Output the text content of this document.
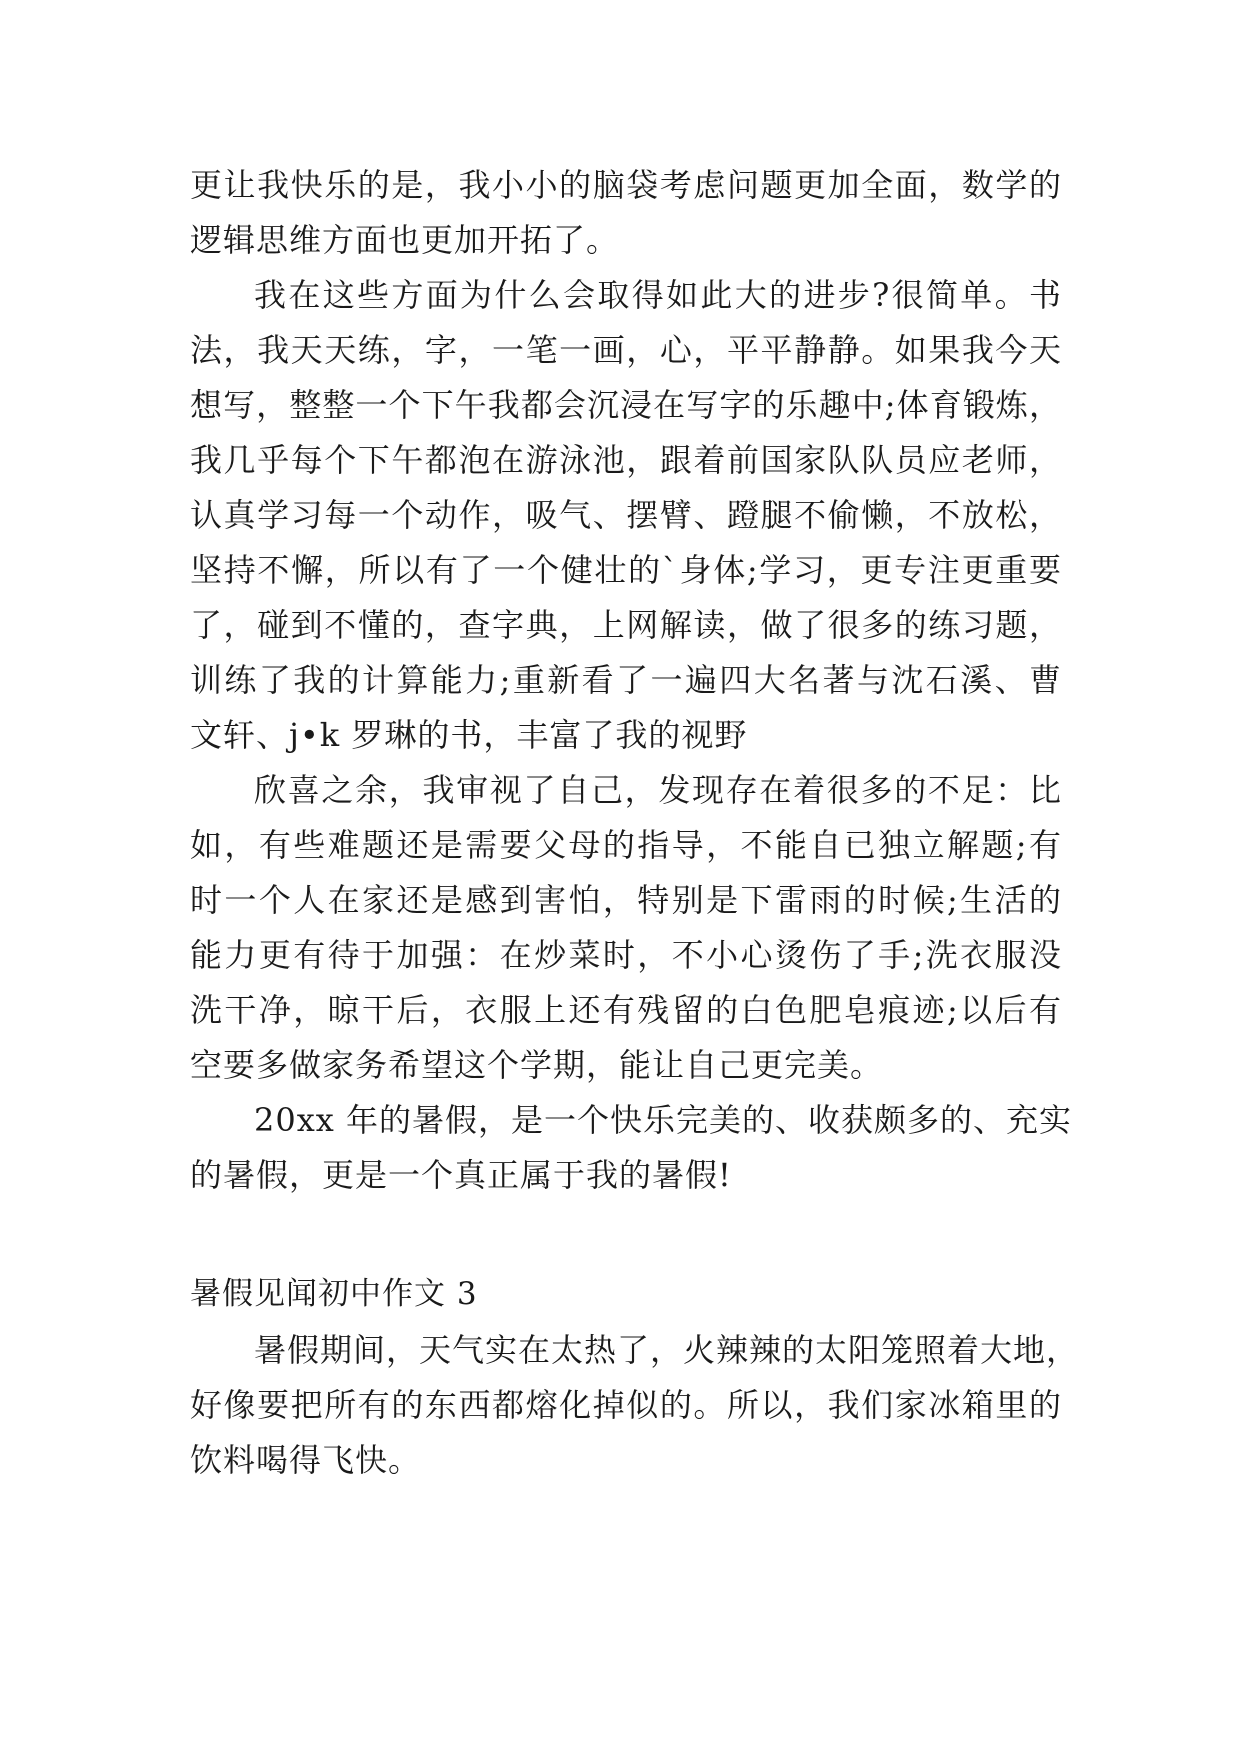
更让我快乐的是，我小小的脑袋考虑问题更加全面，数学的
逻辑思维方面也更加开拓了。
我在这些方面为什么会取得如此大的进步?很简单。书
法，我天天练，字，一笔一画，心，平平静静。如果我今天
想写，整整一个下午我都会沉浸在写字的乐趣中;体育锻炼，
我几乎每个下午都泡在游泳池，跟着前国家队队员应老师，
认真学习每一个动作，吸气、摆臂、蹬腿不偷懒，不放松，
坚持不懈，所以有了一个健壮的`身体;学习，更专注更重要
了，碰到不懂的，查字典，上网解读，做了很多的练习题，
训练了我的计算能力;重新看了一遍四大名著与沈石溪、曹
文轩、j•k 罗琳的书，丰富了我的视野
欣喜之余，我审视了自己，发现存在着很多的不足：比
如，有些难题还是需要父母的指导，不能自已独立解题;有
时一个人在家还是感到害怕，特别是下雷雨的时候;生活的
能力更有待于加强：在炒菜时，不小心烫伤了手;洗衣服没
洗干净，晾干后，衣服上还有残留的白色肥皂痕迹;以后有
空要多做家务希望这个学期，能让自己更完美。
20xx 年的暑假，是一个快乐完美的、收获颇多的、充实
的暑假，更是一个真正属于我的暑假!
暑假见闻初中作文 3
暑假期间，天气实在太热了，火辣辣的太阳笼照着大地，
好像要把所有的东西都熔化掉似的。所以，我们家冰箱里的
饮料喝得飞快。
